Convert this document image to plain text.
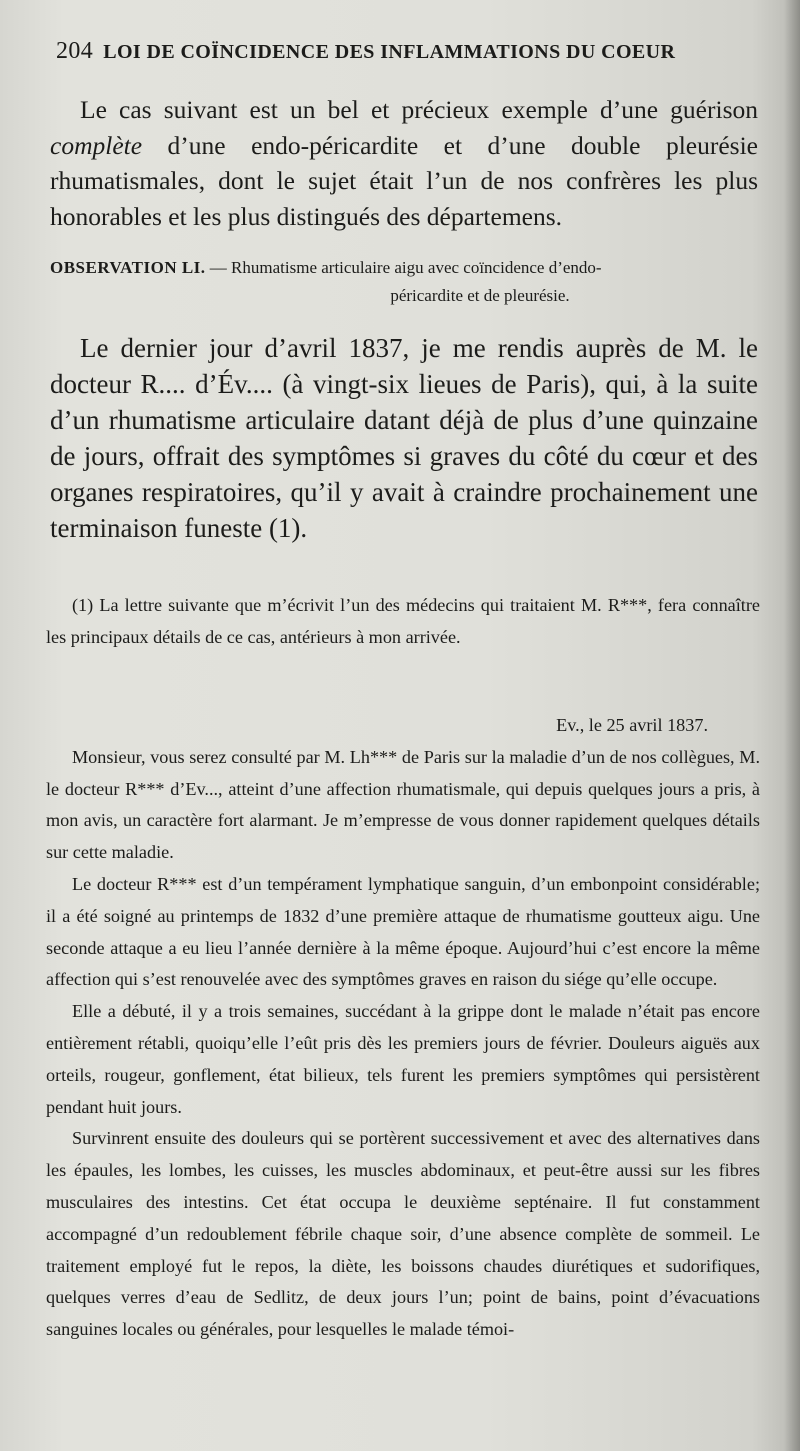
204 LOI DE COÏNCIDENCE DES INFLAMMATIONS DU COEUR

Le cas suivant est un bel et précieux exemple d’une guérison complète d’une endo-péricardite et d’une double pleurésie rhumatismales, dont le sujet était l’un de nos confrères les plus honorables et les plus distingués des départemens.

OBSERVATION LI. — Rhumatisme articulaire aigu avec coïncidence d’endo-
péricardite et de pleurésie.

Le dernier jour d’avril 1837, je me rendis auprès de M. le docteur R.... d’Év.... (à vingt-six lieues de Paris), qui, à la suite d’un rhumatisme articulaire datant déjà de plus d’une quinzaine de jours, offrait des symptômes si graves du côté du cœur et des organes respiratoires, qu’il y avait à craindre prochainement une terminaison funeste (1).

(1) La lettre suivante que m’écrivit l’un des médecins qui traitaient M. R***, fera connaître les principaux détails de ce cas, antérieurs à mon arrivée.

Ev., le 25 avril 1837.

Monsieur, vous serez consulté par M. Lh*** de Paris sur la maladie d’un de nos collègues, M. le docteur R*** d’Ev..., atteint d’une affection rhumatismale, qui depuis quelques jours a pris, à mon avis, un caractère fort alarmant. Je m’empresse de vous donner rapidement quelques détails sur cette maladie.

Le docteur R*** est d’un tempérament lymphatique sanguin, d’un embonpoint considérable; il a été soigné au printemps de 1832 d’une première attaque de rhumatisme goutteux aigu. Une seconde attaque a eu lieu l’année dernière à la même époque. Aujourd’hui c’est encore la même affection qui s’est renouvelée avec des symptômes graves en raison du siége qu’elle occupe.

Elle a débuté, il y a trois semaines, succédant à la grippe dont le malade n’était pas encore entièrement rétabli, quoiqu’elle l’eût pris dès les premiers jours de février. Douleurs aiguës aux orteils, rougeur, gonflement, état bilieux, tels furent les premiers symptômes qui persistèrent pendant huit jours.

Survinrent ensuite des douleurs qui se portèrent successivement et avec des alternatives dans les épaules, les lombes, les cuisses, les muscles abdominaux, et peut-être aussi sur les fibres musculaires des intestins. Cet état occupa le deuxième septénaire. Il fut constamment accompagné d’un redoublement fébrile chaque soir, d’une absence complète de sommeil. Le traitement employé fut le repos, la diète, les boissons chaudes diurétiques et sudorifiques, quelques verres d’eau de Sedlitz, de deux jours l’un; point de bains, point d’évacuations sanguines locales ou générales, pour lesquelles le malade témoi-
